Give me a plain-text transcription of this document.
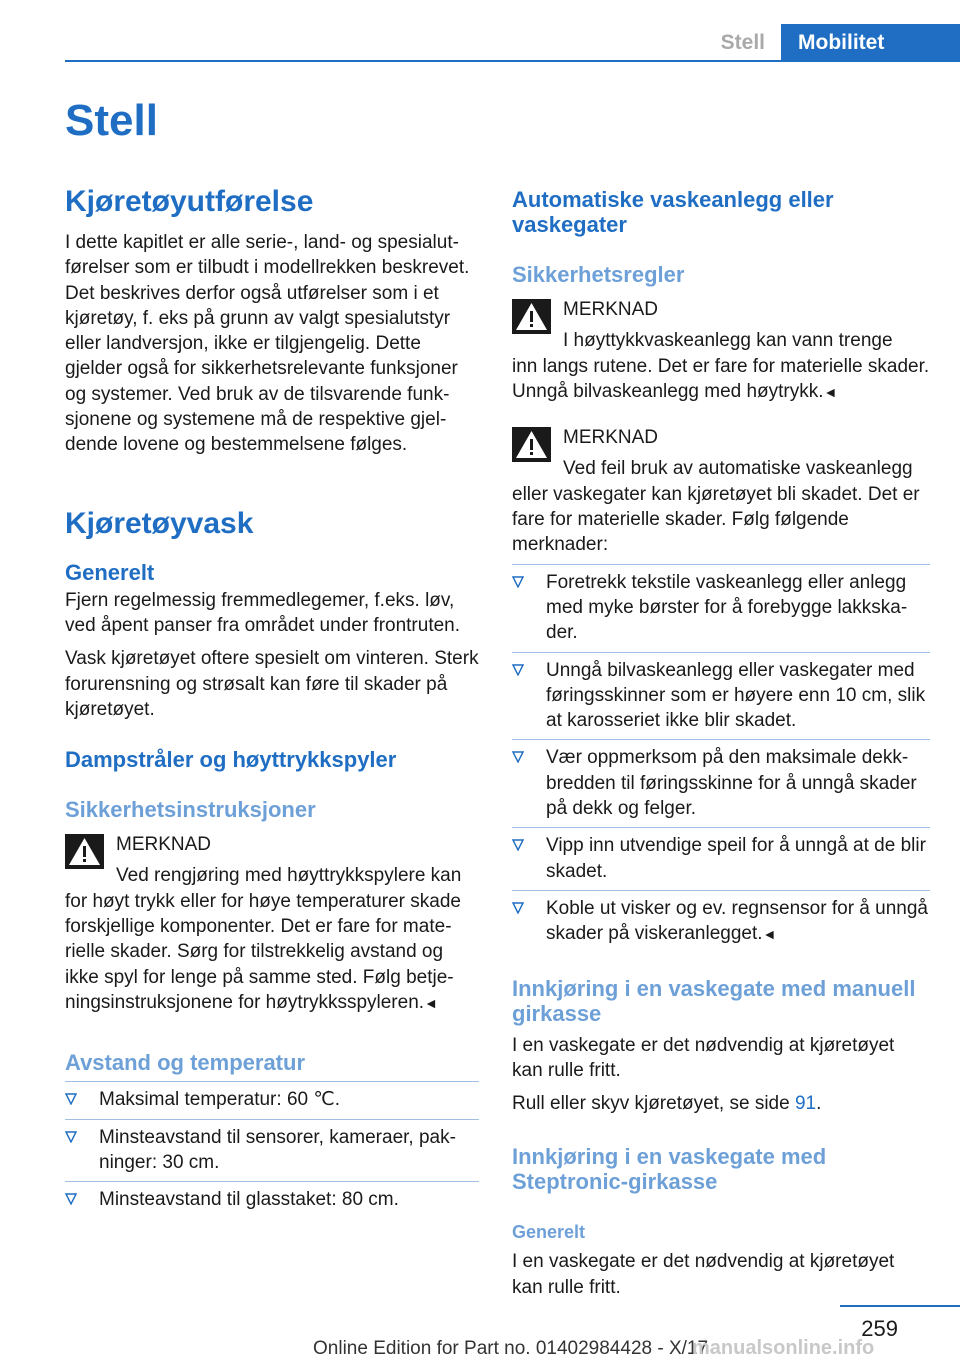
Stell	Mobilitet
Stell
Kjøretøyutførelse

I dette kapitlet er alle serie-, land- og spesialutførelser som er tilbudt i modellrekken beskrevet. Det beskrives derfor også utførelser som i et kjøretøy, f. eks på grunn av valgt spesialutstyr eller landversjon, ikke er tilgjengelig. Dette gjelder også for sikkerhetsrelevante funksjoner og systemer. Ved bruk av de tilsvarende funksjonene og systemene må de respektive gjeldende lovene og bestemmelsene følges.

Kjøretøyvask
Generelt

Fjern regelmessig fremmedlegemer, f.eks. løv, ved åpent panser fra området under frontruten.

Vask kjøretøyet oftere spesielt om vinteren. Sterk forurensning og strøsalt kan føre til skader på kjøretøyet.

Dampstråler og høyttrykkspyler
Sikkerhetsinstruksjoner
MERKNAD

Ved rengjøring med høyttrykkspylere kan

for høyt trykk eller for høye temperaturer skade forskjellige komponenter. Det er fare for materielle skader. Sørg for tilstrekkelig avstand og ikke spyl for lenge på samme sted. Følg betjeningsinstruksjonene for høytrykksspyleren.◄

Avstand og temperatur
Maksimal temperatur: 60 ℃.
Minsteavstand til sensorer, kameraer, pakninger: 30 cm.
Minsteavstand til glasstaket: 80 cm.
Automatiske vaskeanlegg eller vaskegater
Sikkerhetsregler
MERKNAD

I høyttykkvaskeanlegg kan vann trenge

inn langs rutene. Det er fare for materielle skader. Unngå bilvaskeanlegg med høytrykk.◄

MERKNAD

Ved feil bruk av automatiske vaskeanlegg

eller vaskegater kan kjøretøyet bli skadet. Det er fare for materielle skader. Følg følgende merknader:

Foretrekk tekstile vaskeanlegg eller anlegg med myke børster for å forebygge lakkskader.
Unngå bilvaskeanlegg eller vaskegater med føringsskinner som er høyere enn 10 cm, slik at karosseriet ikke blir skadet.
Vær oppmerksom på den maksimale dekkbredden til føringsskinne for å unngå skader på dekk og felger.
Vipp inn utvendige speil for å unngå at de blir skadet.
Koble ut visker og ev. regnsensor for å unngå skader på viskeranlegget.◄
Innkjøring i en vaskegate med manuell girkasse

I en vaskegate er det nødvendig at kjøretøyet kan rulle fritt.

Rull eller skyv kjøretøyet, se side 91.

Innkjøring i en vaskegate med Steptronic-girkasse
Generelt

I en vaskegate er det nødvendig at kjøretøyet kan rulle fritt.

259
Online Edition for Part no. 01402984428 - X/17
manualsonline.info
